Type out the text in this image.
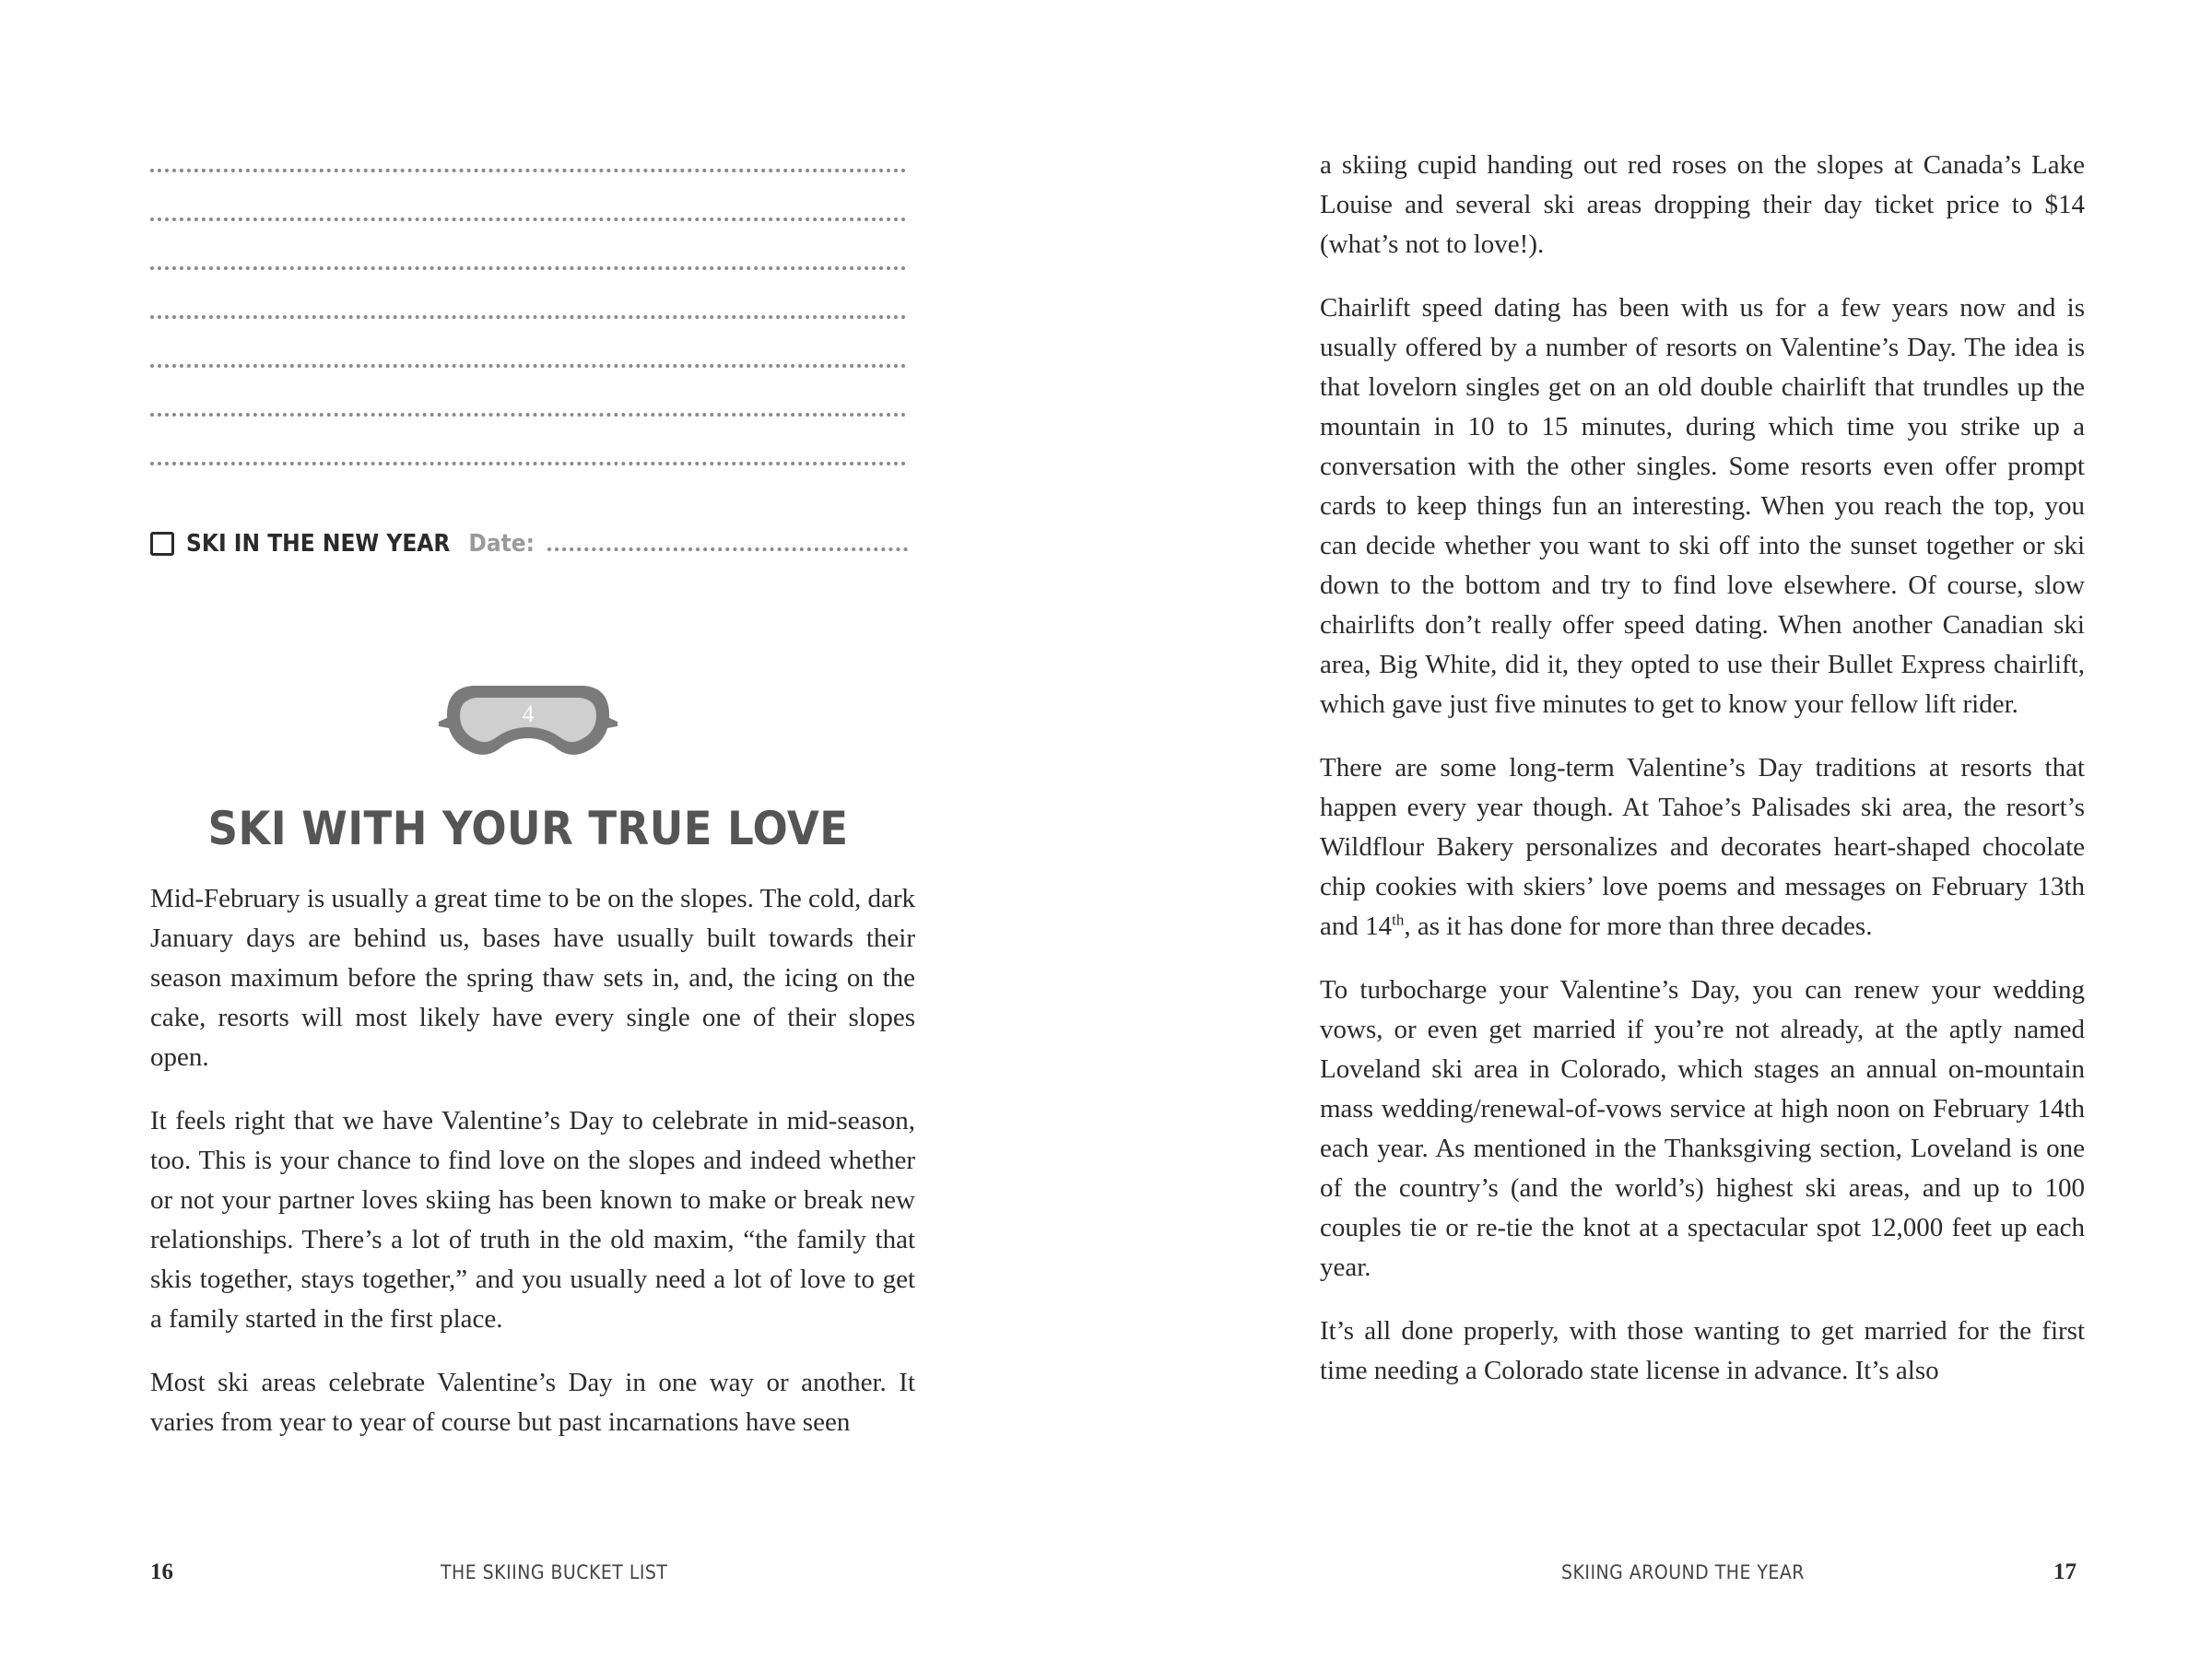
SKI IN THE NEW YEAR Date:
4
SKI WITH YOUR TRUE LOVE

Mid-February is usually a great time to be on the slopes. The cold, dark January days are behind us, bases have usually built towards their season maximum before the spring thaw sets in, and, the icing on the cake, resorts will most likely have every single one of their slopes open.

It feels right that we have Valentine’s Day to celebrate in mid-season, too. This is your chance to find love on the slopes and indeed whether or not your partner loves skiing has been known to make or break new relationships. There’s a lot of truth in the old maxim, “the family that skis together, stays together,” and you usually need a lot of love to get a family started in the first place.

Most ski areas celebrate Valentine’s Day in one way or another. It varies from year to year of course but past incarnations have seen

16	THE SKIING BUCKET LIST

a skiing cupid handing out red roses on the slopes at Canada’s Lake Louise and several ski areas dropping their day ticket price to $14 (what’s not to love!).

Chairlift speed dating has been with us for a few years now and is usually offered by a number of resorts on Valentine’s Day. The idea is that lovelorn singles get on an old double chairlift that trundles up the mountain in 10 to 15 minutes, during which time you strike up a conversation with the other singles. Some resorts even offer prompt cards to keep things fun an interesting. When you reach the top, you can decide whether you want to ski off into the sunset together or ski down to the bottom and try to find love elsewhere. Of course, slow chairlifts don’t really offer speed dating. When another Canadian ski area, Big White, did it, they opted to use their Bullet Express chairlift, which gave just five minutes to get to know your fellow lift rider.

There are some long-term Valentine’s Day traditions at resorts that happen every year though. At Tahoe’s Palisades ski area, the resort’s Wildflour Bakery personalizes and decorates heart-shaped chocolate chip cookies with skiers’ love poems and messages on February 13th and 14th, as it has done for more than three decades.

To turbocharge your Valentine’s Day, you can renew your wedding vows, or even get married if you’re not already, at the aptly named Loveland ski area in Colorado, which stages an annual on-mountain mass wedding/renewal-of-vows service at high noon on February 14th each year. As mentioned in the Thanksgiving section, Loveland is one of the country’s (and the world’s) highest ski areas, and up to 100 couples tie or re-tie the knot at a spectacular spot 12,000 feet up each year.

It’s all done properly, with those wanting to get married for the first time needing a Colorado state license in advance. It’s also

SKIING AROUND THE YEAR	17
